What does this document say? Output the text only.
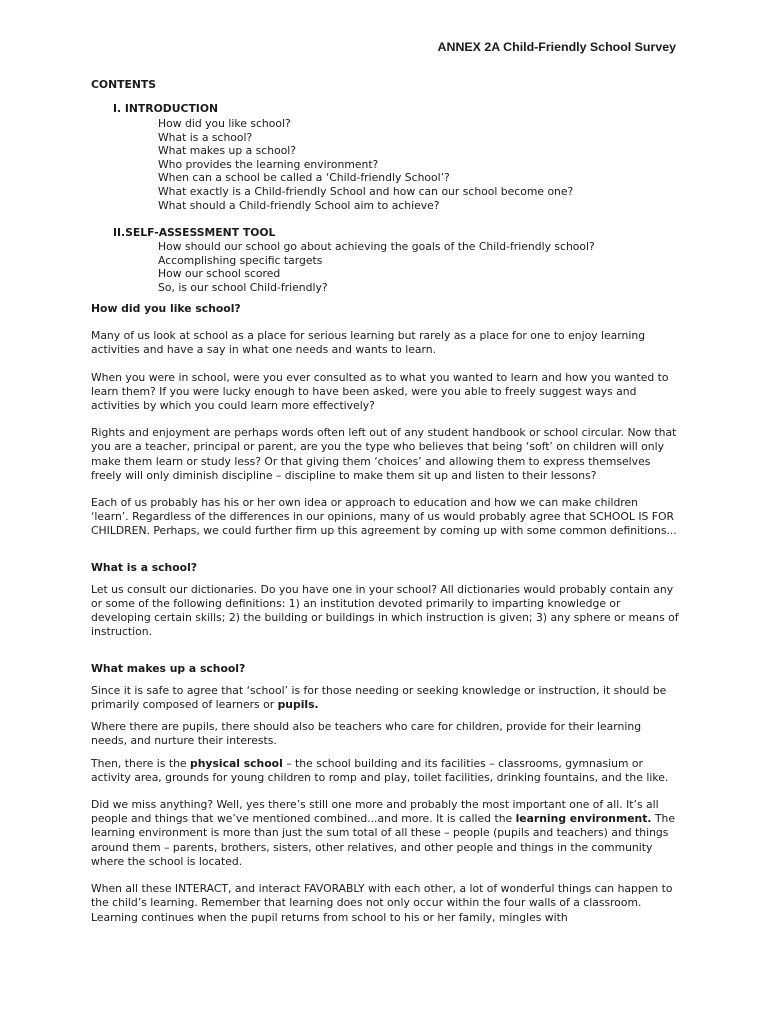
ANNEX 2A Child-Friendly School Survey
CONTENTS
I. INTRODUCTION
How did you like school?
What is a school?
What makes up a school?
Who provides the learning environment?
When can a school be called a ‘Child-friendly School’?
What exactly is a Child-friendly School and how can our school become one?
What should a Child-friendly School aim to achieve?
II.SELF-ASSESSMENT TOOL
How should our school go about achieving the goals of the Child-friendly school?
Accomplishing specific targets
How our school scored
So, is our school Child-friendly?
How did you like school?

Many of us look at school as a place for serious learning but rarely as a place for one to enjoy learning activities and have a say in what one needs and wants to learn.

When you were in school, were you ever consulted as to what you wanted to learn and how you wanted to learn them? If you were lucky enough to have been asked, were you able to freely suggest ways and activities by which you could learn more effectively?

Rights and enjoyment are perhaps words often left out of any student handbook or school circular. Now that you are a teacher, principal or parent, are you the type who believes that being ‘soft’ on children will only make them learn or study less? Or that giving them ‘choices’ and allowing them to express themselves freely will only diminish discipline – discipline to make them sit up and listen to their lessons?

Each of us probably has his or her own idea or approach to education and how we can make children ‘learn’. Regardless of the differences in our opinions, many of us would probably agree that SCHOOL IS FOR CHILDREN. Perhaps, we could further firm up this agreement by coming up with some common definitions...

What is a school?

Let us consult our dictionaries. Do you have one in your school? All dictionaries would probably contain any or some of the following definitions: 1) an institution devoted primarily to imparting knowledge or developing certain skills; 2) the building or buildings in which instruction is given; 3) any sphere or means of instruction.

What makes up a school?

Since it is safe to agree that ‘school’ is for those needing or seeking knowledge or instruction, it should be primarily composed of learners or pupils.

Where there are pupils, there should also be teachers who care for children, provide for their learning needs, and nurture their interests.

Then, there is the physical school – the school building and its facilities – classrooms, gymnasium or activity area, grounds for young children to romp and play, toilet facilities, drinking fountains, and the like.

Did we miss anything? Well, yes there’s still one more and probably the most important one of all. It’s all people and things that we’ve mentioned combined...and more. It is called the learning environment. The learning environment is more than just the sum total of all these – people (pupils and teachers) and things around them – parents, brothers, sisters, other relatives, and other people and things in the community where the school is located.

When all these INTERACT, and interact FAVORABLY with each other, a lot of wonderful things can happen to the child’s learning. Remember that learning does not only occur within the four walls of a classroom. Learning continues when the pupil returns from school to his or her family, mingles with
